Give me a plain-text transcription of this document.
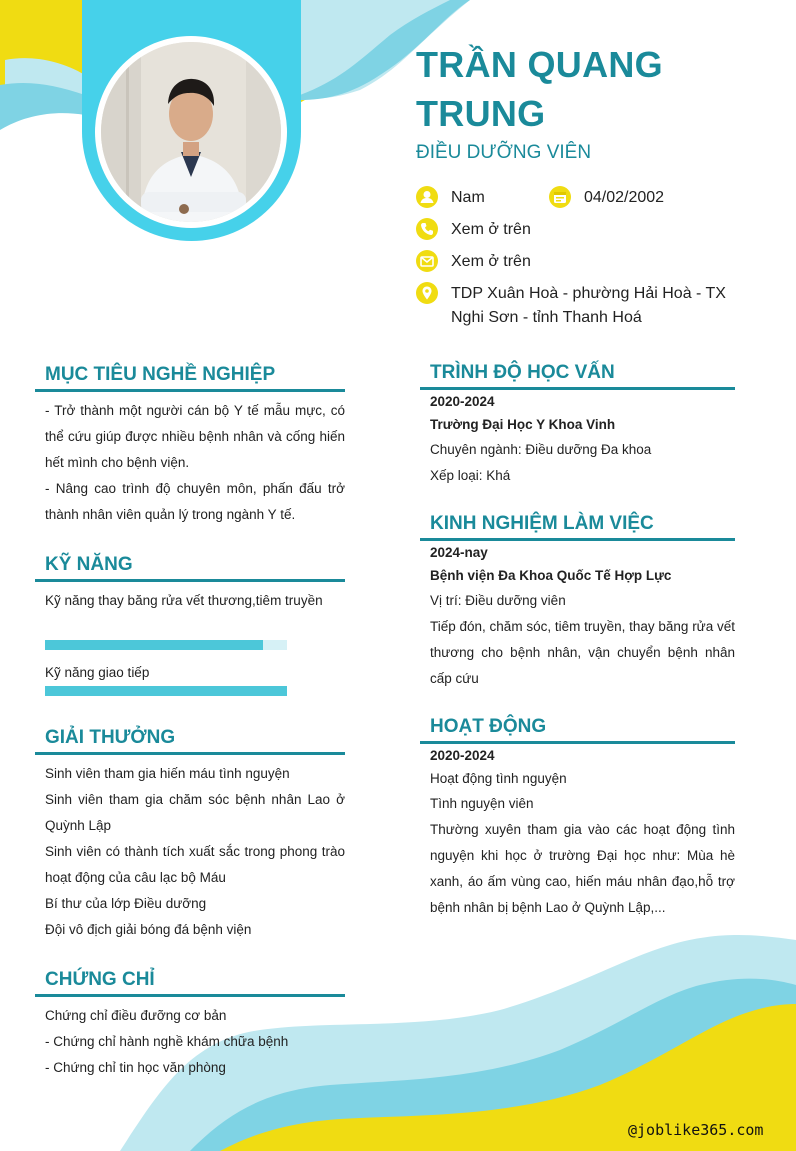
TRẦN QUANG TRUNG
ĐIỀU DƯỠNG VIÊN
Nam	04/02/2002
Xem ở trên
Xem ở trên
TDP Xuân Hoà - phường Hải Hoà - TX Nghi Sơn - tỉnh Thanh Hoá
MỤC TIÊU NGHỀ NGHIỆP

- Trở thành một người cán bộ Y tế mẫu mực, có thể cứu giúp được nhiều bệnh nhân và cống hiến hết mình cho bệnh viện.

- Nâng cao trình độ chuyên môn, phấn đấu trở thành nhân viên quản lý trong ngành Y tế.

KỸ NĂNG
Kỹ năng thay băng rửa vết thương,tiêm truyền
Kỹ năng giao tiếp
GIẢI THƯỞNG

Sinh viên tham gia hiến máu tình nguyện

Sinh viên tham gia chăm sóc bệnh nhân Lao ở Quỳnh Lập

Sinh viên có thành tích xuất sắc trong phong trào hoạt động của câu lạc bộ Máu

Bí thư của lớp Điều dưỡng

Đội vô địch giải bóng đá bệnh viện

CHỨNG CHỈ

Chứng chỉ điều đưỡng cơ bản

- Chứng chỉ hành nghề khám chữa bệnh

- Chứng chỉ tin học văn phòng

TRÌNH ĐỘ HỌC VẤN
2020-2024
Trường Đại Học Y Khoa Vinh
Chuyên ngành: Điều dưỡng Đa khoa
Xếp loại: Khá
KINH NGHIỆM LÀM VIỆC
2024-nay
Bệnh viện Đa Khoa Quốc Tế Hợp Lực
Vị trí: Điều dưỡng viên
Tiếp đón, chăm sóc, tiêm truyền, thay băng rửa vết thương cho bệnh nhân, vận chuyển bệnh nhân cấp cứu
HOẠT ĐỘNG
2020-2024
Hoạt động tình nguyện
Tình nguyện viên
Thường xuyên tham gia vào các hoạt động tình nguyện khi học ở trường Đại học như: Mùa hè xanh, áo ấm vùng cao, hiến máu nhân đạo,hỗ trợ bệnh nhân bị bệnh Lao ở Quỳnh Lập,...
@joblike365.com
